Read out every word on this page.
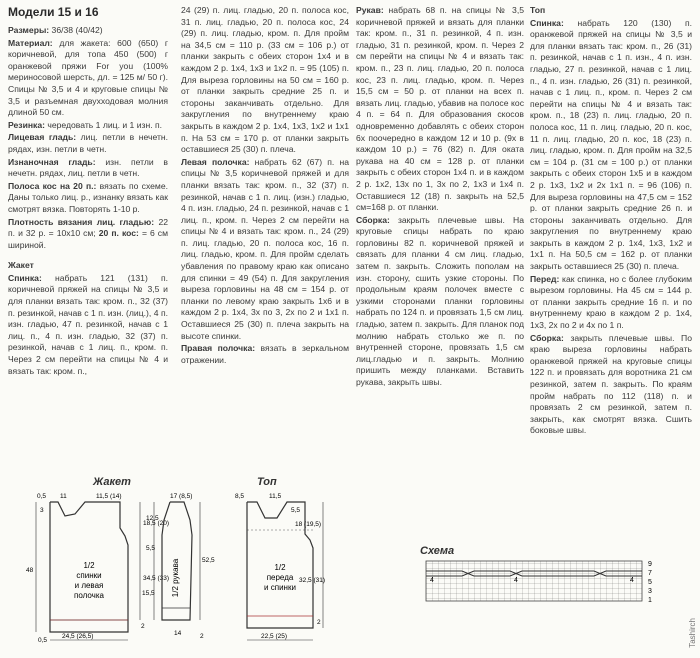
Модели 15 и 16

Размеры: 36/38 (40/42)

Материал: для жакета: 600 (650) г коричневой, для топа 450 (500) г оранжевой пряжи For you (100% мериносовой шерсть, дл. = 125 м/ 50 г). Спицы № 3,5 и 4 и круговые спицы № 3,5 и разъемная двухходовая молния длиной 50 см.

Резинка: чередовать 1 лиц. и 1 изн. п.

Лицевая гладь: лиц. петли в нечетн. рядах, изн. петли в четн.

Изнаночная гладь: изн. петли в нечетн. рядах, лиц. петли в четн.

Полоса кос на 20 п.: вязать по схеме. Даны только лиц. р., изнанку вязать как смотрят вязка. Повторять 1-10 р.

Плотность вязания лиц. гладью: 22 п. и 32 р. = 10х10 см; 20 п. кос: = 6 см шириной.

Жакет

Спинка: набрать 121 (131) п. коричневой пряжей на спицы № 3,5 и для планки вязать так: кром. п., 32 (37) п. резинкой, начав с 1 п. изн. (лиц.), 4 п. изн. гладью, 47 п. резинкой, начав с 1 лиц. п., 4 п. изн. гладью, 32 (37) п. резинкой, начав с 1 лиц. п., кром. п. Через 2 см перейти на спицы № 4 и вязать так: кром. п.,

24 (29) п. лиц. гладью, 20 п. полоса кос, 31 п. лиц. гладью, 20 п. полоса кос, 24 (29) п. лиц. гладью, кром. п. Для пройм на 34,5 см = 110 р. (33 см = 106 р.) от планки закрыть с обеих сторон 1х4 и в каждом 2 р. 1х4, 1х3 и 1х2 п. = 95 (105) п. Для выреза горловины на 50 см = 160 р. от планки закрыть средние 25 п. и стороны заканчивать отдельно. Для закругления по внутреннему краю закрыть в каждом 2 р. 1х4, 1х3, 1х2 и 1х1 п. На 53 см = 170 р. от планки закрыть оставшиеся 25 (30) п. плеча.

Левая полочка: набрать 62 (67) п. на спицы № 3,5 коричневой пряжей и для планки вязать так: кром. п., 32 (37) п. резинкой, начав с 1 п. лиц. (изн.) гладью, 4 п. изн. гладью, 24 п. резинкой, начав с 1 лиц. п., кром. п. Через 2 см перейти на спицы № 4 и вязать так: кром. п., 24 (29) п. лиц. гладью, 20 п. полоса кос, 16 п. лиц. гладью, кром. п. Для пройм сделать убавления по правому краю как описано для спинки = 49 (54) п. Для закругления выреза горловины на 48 см = 154 р. от планки по левому краю закрыть 1х6 и в каждом 2 р. 1х4, 3х по 3, 2х по 2 и 1х1 п. Оставшиеся 25 (30) п. плеча закрыть на высоте спинки.

Правая полочка: вязать в зеркальном отражении.

Рукав: набрать 68 п. на спицы № 3,5 коричневой пряжей и вязать для планки так: кром. п., 31 п. резинкой, 4 п. изн. гладью, 31 п. резинкой, кром. п. Через 2 см перейти на спицы № 4 и вязать так: кром. п., 23 п. лиц. гладью, 20 п. полоса кос, 23 п. лиц. гладью, кром. п. Через 15,5 см = 50 р. от планки на всех п. вязать лиц. гладью, убавив на полосе кос 4 п. = 64 п. Для образования скосов одновременно добавлять с обеих сторон 6х поочередно в каждом 12 и 10 р. (9х в каждом 10 р.) = 76 (82) п. Для оката рукава на 40 см = 128 р. от планки закрыть с обеих сторон 1х4 п. и в каждом 2 р. 1х2, 13х по 1, 3х по 2, 1х3 и 1х4 п. Оставшиеся 12 (18) п. закрыть на 52,5 см=168 р. от планки.

Сборка: закрыть плечевые швы. На круговые спицы набрать по краю горловины 82 п. коричневой пряжей и связать для планки 4 см лиц. гладью, затем п. закрыть. Сложить пополам на изн. сторону, сшить узкие стороны. По продольным краям полочек вместе с узкими сторонами планки горловины набрать по 124 п. и провязать 1,5 см лиц. гладью, затем п. закрыть. Для планок под молнию набрать столько же п. по внутренней стороне, провязать 1,5 см лиц.гладью и п. закрыть. Молнию пришить между планками. Вставить рукава, закрыть швы.

Топ

Спинка: набрать 120 (130) п. оранжевой пряжей на спицы № 3,5 и для планки вязать так: кром. п., 26 (31) п. резинкой, начав с 1 п. изн., 4 п. изн. гладью, 27 п. резинкой, начав с 1 лиц. п., 4 п. изн. гладью, 26 (31) п. резинкой, начав с 1 лиц. п., кром. п. Через 2 см перейти на спицы № 4 и вязать так: кром. п., 18 (23) п. лиц. гладью, 20 п. полоса кос, 11 п. лиц. гладью, 20 п. кос, 11 п. лиц. гладью, 20 п. кос, 18 (23) п. лиц. гладью, кром. п. Для пройм на 32,5 см = 104 р. (31 см = 100 р.) от планки закрыть с обеих сторон 1х5 и в каждом 2 р. 1х3, 1х2 и 2х 1х1 п. = 96 (106) п. Для выреза горловины на 47,5 см = 152 р. от планки закрыть средние 26 п. и стороны заканчивать отдельно. Для закругления по внутреннему краю закрыть в каждом 2 р. 1х4, 1х3, 1х2 и 1х1 п. На 50,5 см = 162 р. от планки закрыть оставшиеся 25 (30) п. плеча.

Перед: как спинка, но с более глубоким вырезом горловины. На 45 см = 144 р. от планки закрыть средние 16 п. и по внутреннему краю в каждом 2 р. 1х4, 1х3, 2х по 2 и 4х по 1 п.

Сборка: закрыть плечевые швы. По краю выреза горловины набрать оранжевой пряжей на круговые спицы 122 п. и провязать для воротника 21 см резинкой, затем п. закрыть. По краям пройм набрать по 112 (118) п. и провязать 2 см резинкой, затем п. закрыть, как смотрят вязка. Сшить боковые швы.

Жакет	Топ
Схема
1/2
спинки
и левая
полочка
0,5
3
11	11,5 (14)
18,5 (20)
34,5 (33)
48
2
24,5 (26,5)
0,5
1/2 рукава
17 (8,5)
12,5
5,5
15,5
52,5
14	2
1/2
переда
и спинки
8,5	11,5
5,5
18 (19,5)
32,5 (31)
2
22,5 (25)
4	4	4
9
7
5
3
1
Tashirch
